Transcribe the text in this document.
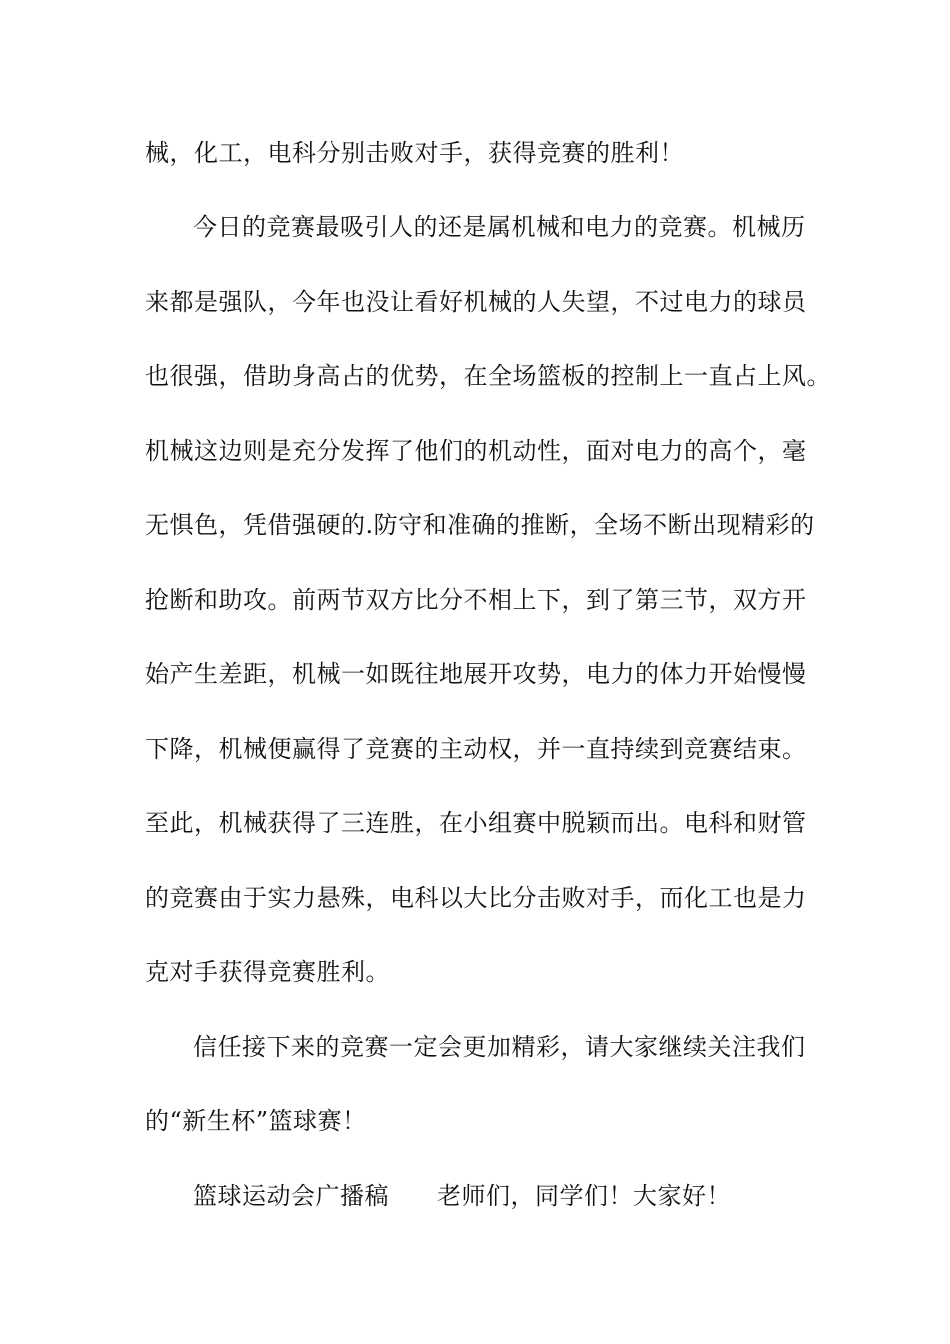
械，化工，电科分别击败对手，获得竞赛的胜利！
今日的竞赛最吸引人的还是属机械和电力的竞赛。机械历
来都是强队，今年也没让看好机械的人失望，不过电力的球员
也很强，借助身高占的优势，在全场篮板的控制上一直占上风。
机械这边则是充分发挥了他们的机动性，面对电力的高个，毫
无惧色，凭借强硬的.防守和准确的推断，全场不断出现精彩的
抢断和助攻。前两节双方比分不相上下，到了第三节，双方开
始产生差距，机械一如既往地展开攻势，电力的体力开始慢慢
下降，机械便赢得了竞赛的主动权，并一直持续到竞赛结束。
至此，机械获得了三连胜，在小组赛中脱颖而出。电科和财管
的竞赛由于实力悬殊，电科以大比分击败对手，而化工也是力
克对手获得竞赛胜利。
信任接下来的竞赛一定会更加精彩，请大家继续关注我们
的“新生杯”篮球赛！
篮球运动会广播稿 老师们，同学们！大家好！
